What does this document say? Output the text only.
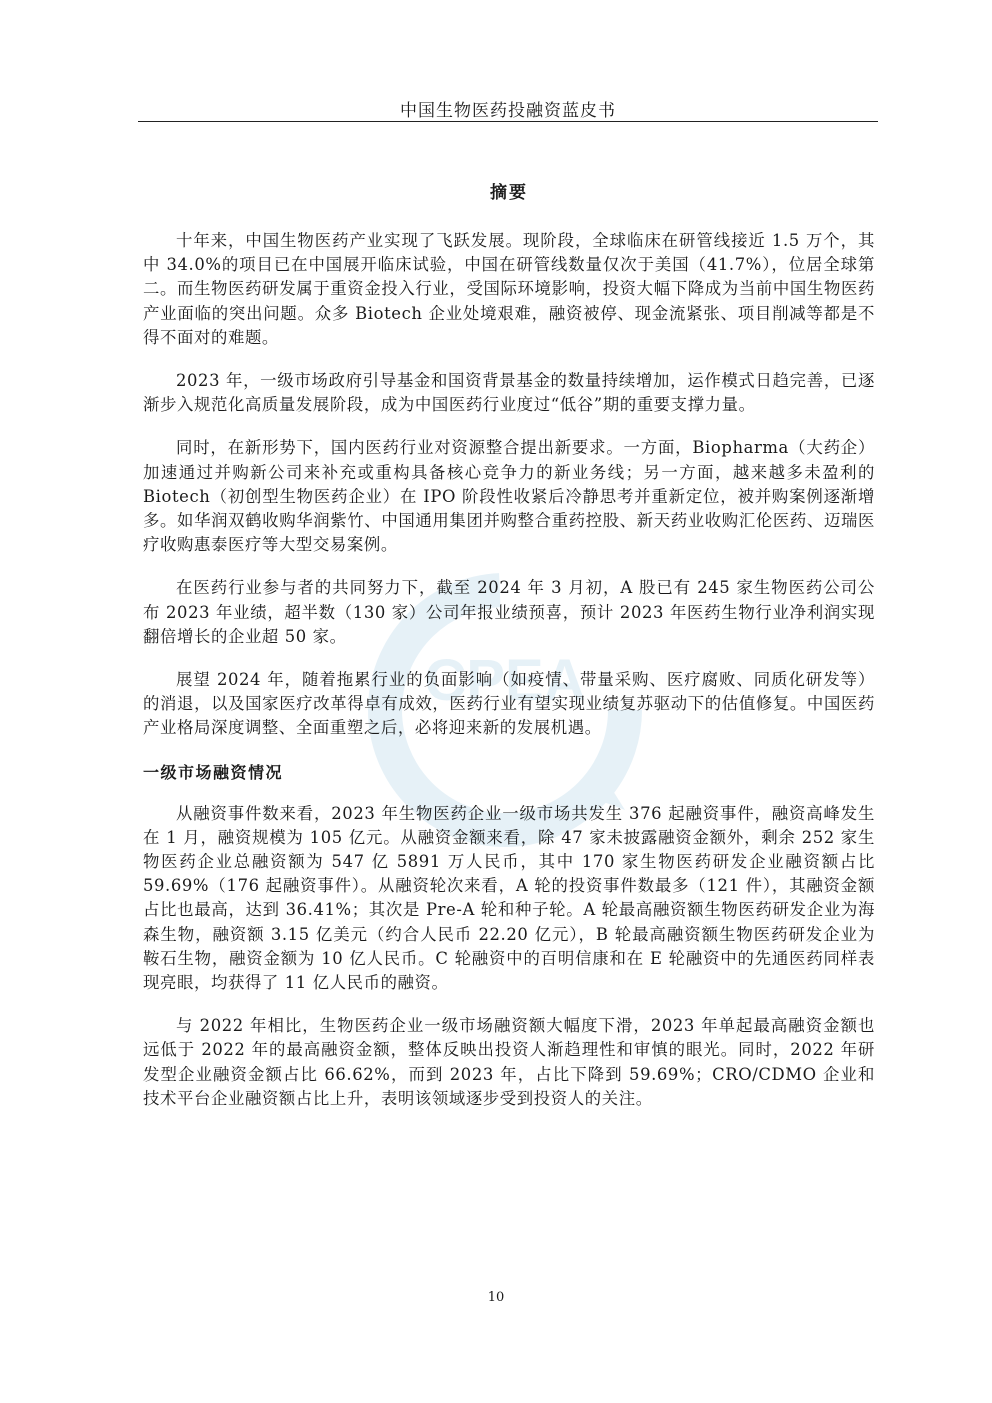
中国生物医药投融资蓝皮书
CPEA
摘要

十年来，中国生物医药产业实现了飞跃发展。现阶段，全球临床在研管线接近 1.5 万个，其中 34.0%的项目已在中国展开临床试验，中国在研管线数量仅次于美国（41.7%），位居全球第二。而生物医药研发属于重资金投入行业，受国际环境影响，投资大幅下降成为当前中国生物医药产业面临的突出问题。众多 Biotech 企业处境艰难，融资被停、现金流紧张、项目削减等都是不得不面对的难题。

2023 年，一级市场政府引导基金和国资背景基金的数量持续增加，运作模式日趋完善，已逐渐步入规范化高质量发展阶段，成为中国医药行业度过“低谷”期的重要支撑力量。

同时，在新形势下，国内医药行业对资源整合提出新要求。一方面，Biopharma（大药企）加速通过并购新公司来补充或重构具备核心竞争力的新业务线；另一方面，越来越多未盈利的 Biotech（初创型生物医药企业）在 IPO 阶段性收紧后冷静思考并重新定位，被并购案例逐渐增多。如华润双鹤收购华润紫竹、中国通用集团并购整合重药控股、新天药业收购汇伦医药、迈瑞医疗收购惠泰医疗等大型交易案例。

在医药行业参与者的共同努力下，截至 2024 年 3 月初，A 股已有 245 家生物医药公司公布 2023 年业绩，超半数（130 家）公司年报业绩预喜，预计 2023 年医药生物行业净利润实现翻倍增长的企业超 50 家。

展望 2024 年，随着拖累行业的负面影响（如疫情、带量采购、医疗腐败、同质化研发等）的消退，以及国家医疗改革得卓有成效，医药行业有望实现业绩复苏驱动下的估值修复。中国医药产业格局深度调整、全面重塑之后，必将迎来新的发展机遇。

一级市场融资情况

从融资事件数来看，2023 年生物医药企业一级市场共发生 376 起融资事件，融资高峰发生在 1 月，融资规模为 105 亿元。从融资金额来看，除 47 家未披露融资金额外，剩余 252 家生物医药企业总融资额为 547 亿 5891 万人民币，其中 170 家生物医药研发企业融资额占比 59.69%（176 起融资事件）。从融资轮次来看，A 轮的投资事件数最多（121 件），其融资金额占比也最高，达到 36.41%；其次是 Pre-A 轮和种子轮。A 轮最高融资额生物医药研发企业为海森生物，融资额 3.15 亿美元（约合人民币 22.20 亿元），B 轮最高融资额生物医药研发企业为鞍石生物，融资金额为 10 亿人民币。C 轮融资中的百明信康和在 E 轮融资中的先通医药同样表现亮眼，均获得了 11 亿人民币的融资。

与 2022 年相比，生物医药企业一级市场融资额大幅度下滑，2023 年单起最高融资金额也远低于 2022 年的最高融资金额，整体反映出投资人渐趋理性和审慎的眼光。同时，2022 年研发型企业融资金额占比 66.62%，而到 2023 年，占比下降到 59.69%；CRO/CDMO 企业和技术平台企业融资额占比上升，表明该领域逐步受到投资人的关注。

10
